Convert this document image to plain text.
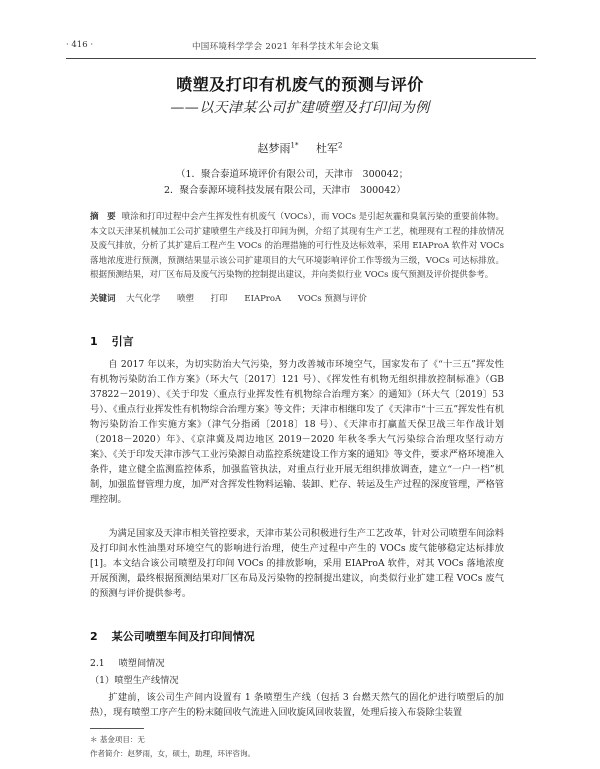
· 416 ·	中国环境科学学会 2021 年科学技术年会论文集
喷塑及打印有机废气的预测与评价
——以天津某公司扩建喷塑及打印间为例
赵梦雨$^{1*}$ 杜军$^2$
（1．聚合泰道环境评价有限公司，天津市　300042；
2．聚合泰源环境科技发展有限公司，天津市　300042）
摘　要 喷涂和打印过程中会产生挥发性有机废气（VOCs），而 VOCs 是引起灰霾和臭氧污染的重要前体物。本文以天津某机械加工公司扩建喷塑生产线及打印间为例，介绍了其现有生产工艺，梳理现有工程的排放情况及废气排放，分析了其扩建后工程产生 VOCs 的治理措施的可行性及达标效率，采用 EIAProA 软件对 VOCs 落地浓度进行预测，预测结果显示该公司扩建项目的大气环境影响评价工作等级为三级，VOCs 可达标排放。根据预测结果，对厂区布局及废气污染物的控制提出建议，并向类似行业 VOCs 废气预测及评价提供参考。
关键词 大气化学 喷塑 打印 EIAProA VOCs 预测与评价
1 引言
自 2017 年以来，为切实防治大气污染，努力改善城市环境空气，国家发布了《“十三五”挥发性有机物污染防治工作方案》（环大气〔2017〕121 号）、《挥发性有机物无组织排放控制标准》（GB 37822－2019）、《关于印发〈重点行业挥发性有机物综合治理方案〉的通知》（环大气〔2019〕53 号）、《重点行业挥发性有机物综合治理方案》等文件；天津市相继印发了《天津市“十三五”挥发性有机物污染防治工作实施方案》（津气分指函〔2018〕18 号）、《天津市打赢蓝天保卫战三年作战计划（2018－2020）年》、《京津冀及周边地区 2019－2020 年秋冬季大气污染综合治理攻坚行动方案》、《关于印发天津市涉气工业污染源自动监控系统建设工作方案的通知》等文件，要求严格环境准入条件，建立健全监测监控体系，加强监管执法，对重点行业开展无组织排放调查，建立“一户一档”机制，加强监督管理力度，加严对含挥发性物料运输、装卸、贮存、转运及生产过程的深度管理，严格管理控制。
为满足国家及天津市相关管控要求，天津市某公司积极进行生产工艺改革，针对公司喷塑车间涂料及打印间水性油墨对环境空气的影响进行治理，使生产过程中产生的 VOCs 废气能够稳定达标排放[1]。本文结合该公司喷塑及打印间 VOCs 的排放影响，采用 EIAProA 软件，对其 VOCs 落地浓度开展预测，最终根据预测结果对厂区布局及污染物的控制提出建议，向类似行业扩建工程 VOCs 废气的预测与评价提供参考。
2 某公司喷塑车间及打印间情况
2.1 喷塑间情况
（1）喷塑生产线情况
扩建前，该公司生产间内设置有 1 条喷塑生产线（包括 3 台燃天然气的固化炉进行喷塑后的加热），现有喷塑工序产生的粉末随回收气流进入回收旋风回收装置，处理后接入布袋除尘装置
＊ 基金项目：无
作者简介：赵梦雨，女，硕士，助理，环评咨询。
